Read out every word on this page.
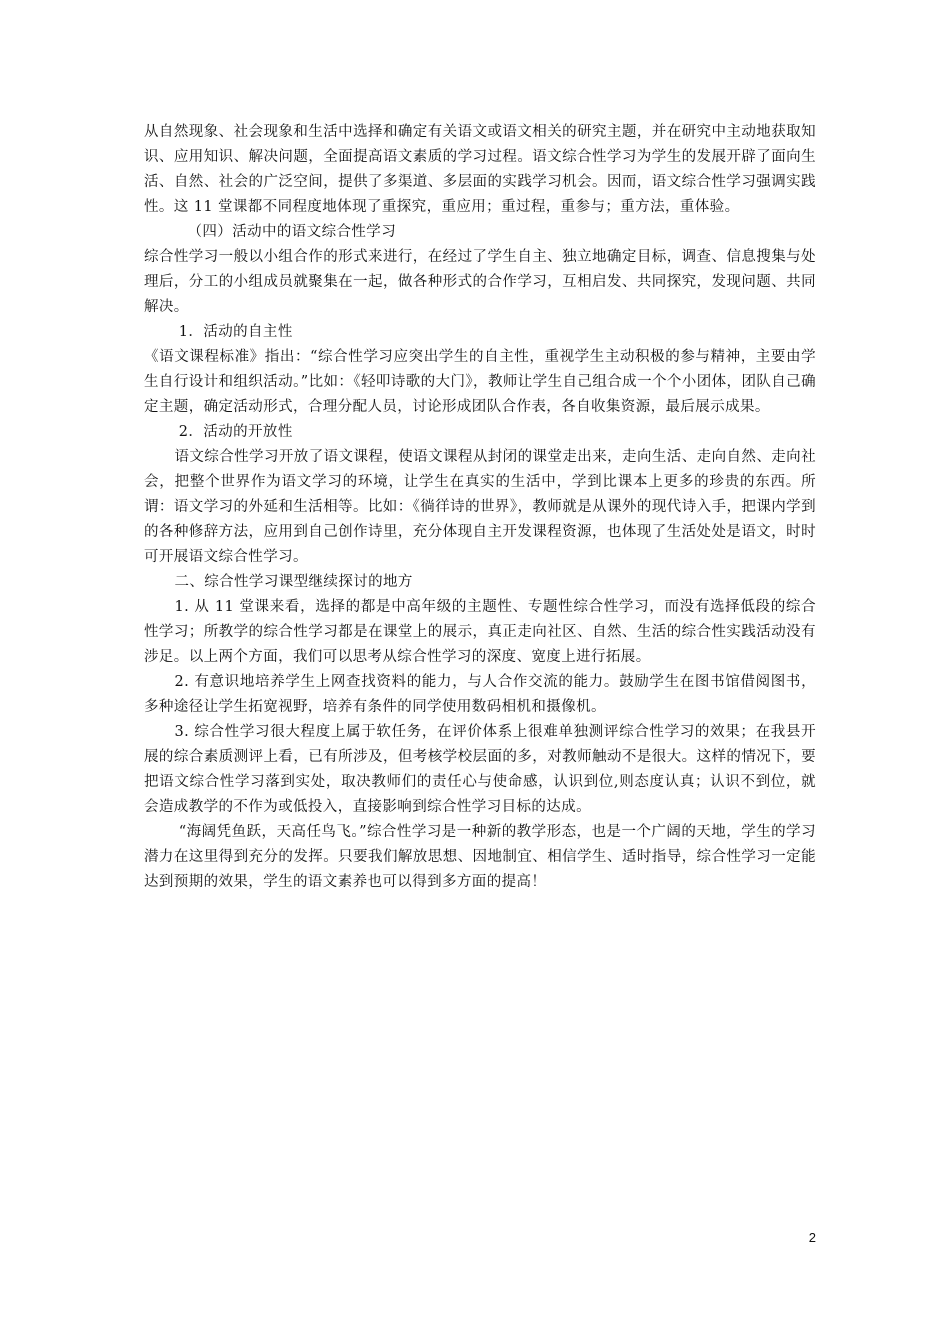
从自然现象、社会现象和生活中选择和确定有关语文或语文相关的研究主题，并在研究中主动地获取知识、应用知识、解决问题，全面提高语文素质的学习过程。语文综合性学习为学生的发展开辟了面向生活、自然、社会的广泛空间，提供了多渠道、多层面的实践学习机会。因而，语文综合性学习强调实践性。这 11 堂课都不同程度地体现了重探究，重应用；重过程，重参与；重方法，重体验。

（四）活动中的语文综合性学习

综合性学习一般以小组合作的形式来进行，在经过了学生自主、独立地确定目标，调查、信息搜集与处理后，分工的小组成员就聚集在一起，做各种形式的合作学习，互相启发、共同探究，发现问题、共同解决。

1．活动的自主性

《语文课程标准》指出：“综合性学习应突出学生的自主性，重视学生主动积极的参与精神，主要由学生自行设计和组织活动。”比如：《轻叩诗歌的大门》，教师让学生自己组合成一个个小团体，团队自己确定主题，确定活动形式，合理分配人员，讨论形成团队合作表，各自收集资源，最后展示成果。

2．活动的开放性

语文综合性学习开放了语文课程，使语文课程从封闭的课堂走出来，走向生活、走向自然、走向社会，把整个世界作为语文学习的环境，让学生在真实的生活中，学到比课本上更多的珍贵的东西。所谓：语文学习的外延和生活相等。比如：《徜徉诗的世界》，教师就是从课外的现代诗入手，把课内学到的各种修辞方法，应用到自己创作诗里，充分体现自主开发课程资源，也体现了生活处处是语文，时时可开展语文综合性学习。

二、综合性学习课型继续探讨的地方

1. 从 11 堂课来看，选择的都是中高年级的主题性、专题性综合性学习，而没有选择低段的综合性学习；所教学的综合性学习都是在课堂上的展示，真正走向社区、自然、生活的综合性实践活动没有涉足。以上两个方面，我们可以思考从综合性学习的深度、宽度上进行拓展。

2. 有意识地培养学生上网查找资料的能力，与人合作交流的能力。鼓励学生在图书馆借阅图书，多种途径让学生拓宽视野，培养有条件的同学使用数码相机和摄像机。

3. 综合性学习很大程度上属于软任务，在评价体系上很难单独测评综合性学习的效果；在我县开展的综合素质测评上看，已有所涉及，但考核学校层面的多，对教师触动不是很大。这样的情况下，要把语文综合性学习落到实处，取决教师们的责任心与使命感，认识到位,则态度认真；认识不到位，就会造成教学的不作为或低投入，直接影响到综合性学习目标的达成。

“海阔凭鱼跃，天高任鸟飞。”综合性学习是一种新的教学形态，也是一个广阔的天地，学生的学习潜力在这里得到充分的发挥。只要我们解放思想、因地制宜、相信学生、适时指导，综合性学习一定能达到预期的效果，学生的语文素养也可以得到多方面的提高！

2
